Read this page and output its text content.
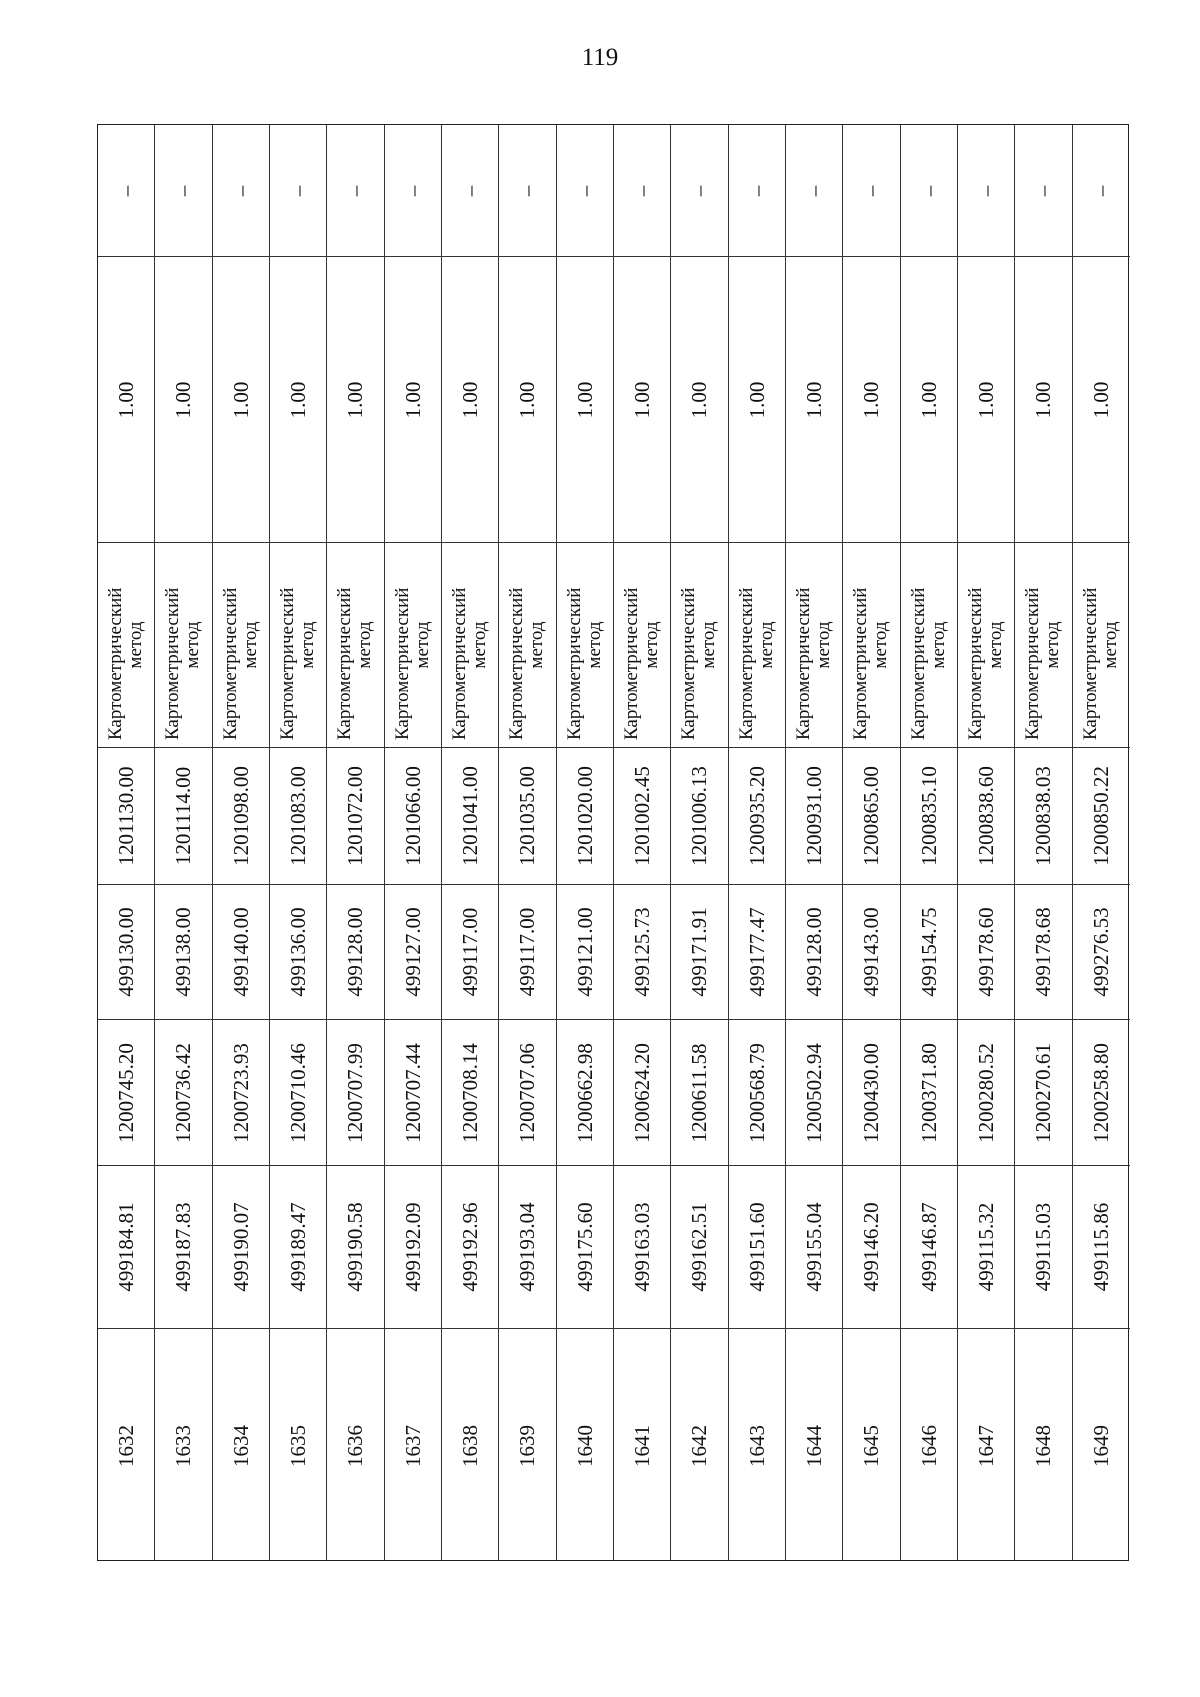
119
1632
499184.81
1200745.20
499130.00
1201130.00
Картометрический метод
1.00
–
1633
499187.83
1200736.42
499138.00
1201114.00
Картометрический метод
1.00
–
1634
499190.07
1200723.93
499140.00
1201098.00
Картометрический метод
1.00
–
1635
499189.47
1200710.46
499136.00
1201083.00
Картометрический метод
1.00
–
1636
499190.58
1200707.99
499128.00
1201072.00
Картометрический метод
1.00
–
1637
499192.09
1200707.44
499127.00
1201066.00
Картометрический метод
1.00
–
1638
499192.96
1200708.14
499117.00
1201041.00
Картометрический метод
1.00
–
1639
499193.04
1200707.06
499117.00
1201035.00
Картометрический метод
1.00
–
1640
499175.60
1200662.98
499121.00
1201020.00
Картометрический метод
1.00
–
1641
499163.03
1200624.20
499125.73
1201002.45
Картометрический метод
1.00
–
1642
499162.51
1200611.58
499171.91
1201006.13
Картометрический метод
1.00
–
1643
499151.60
1200568.79
499177.47
1200935.20
Картометрический метод
1.00
–
1644
499155.04
1200502.94
499128.00
1200931.00
Картометрический метод
1.00
–
1645
499146.20
1200430.00
499143.00
1200865.00
Картометрический метод
1.00
–
1646
499146.87
1200371.80
499154.75
1200835.10
Картометрический метод
1.00
–
1647
499115.32
1200280.52
499178.60
1200838.60
Картометрический метод
1.00
–
1648
499115.03
1200270.61
499178.68
1200838.03
Картометрический метод
1.00
–
1649
499115.86
1200258.80
499276.53
1200850.22
Картометрический метод
1.00
–
